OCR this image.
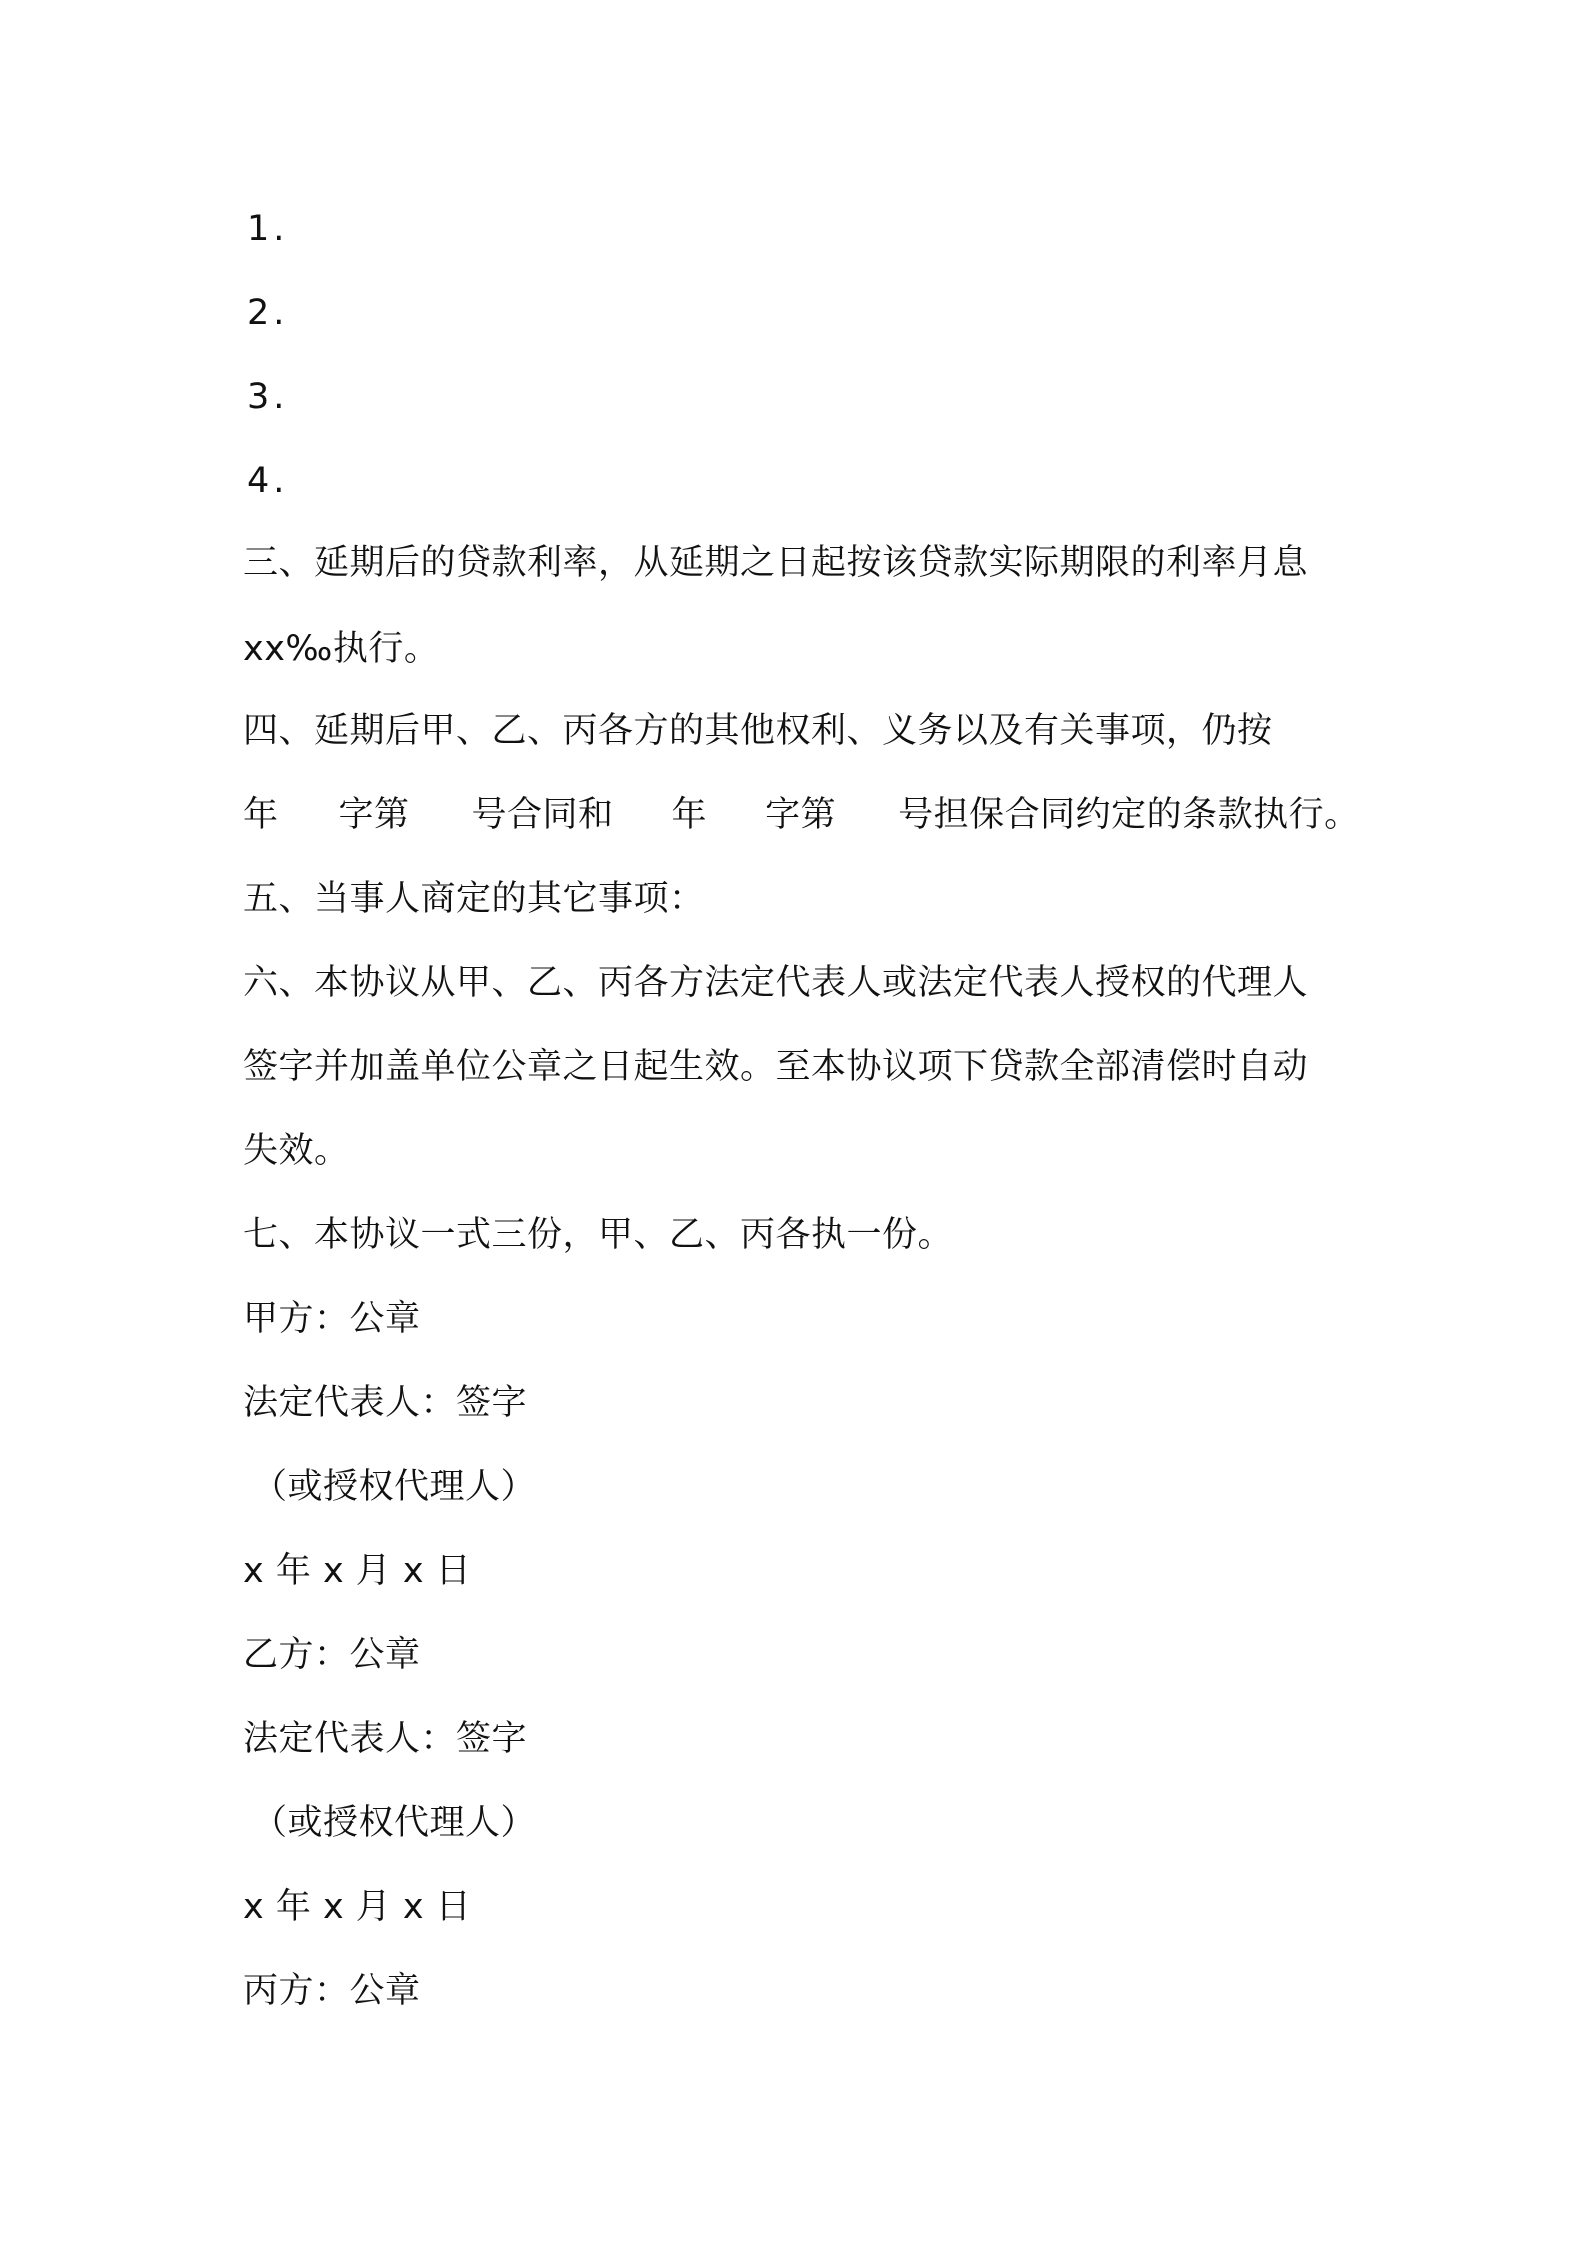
1.
2.
3.
4.
三、延期后的贷款利率，从延期之日起按该贷款实际期限的利率月息
xx‰执行。
四、延期后甲、乙、丙各方的其他权利、义务以及有关事项，仍按
年 字第 号合同和 年 字第 号担保合同约定的条款执行。
五、当事人商定的其它事项：
六、本协议从甲、乙、丙各方法定代表人或法定代表人授权的代理人
签字并加盖单位公章之日起生效。至本协议项下贷款全部清偿时自动
失效。
七、本协议一式三份，甲、乙、丙各执一份。
甲方：公章
法定代表人：签字
（或授权代理人）
x 年 x 月 x 日
乙方：公章
法定代表人：签字
（或授权代理人）
x 年 x 月 x 日
丙方：公章
